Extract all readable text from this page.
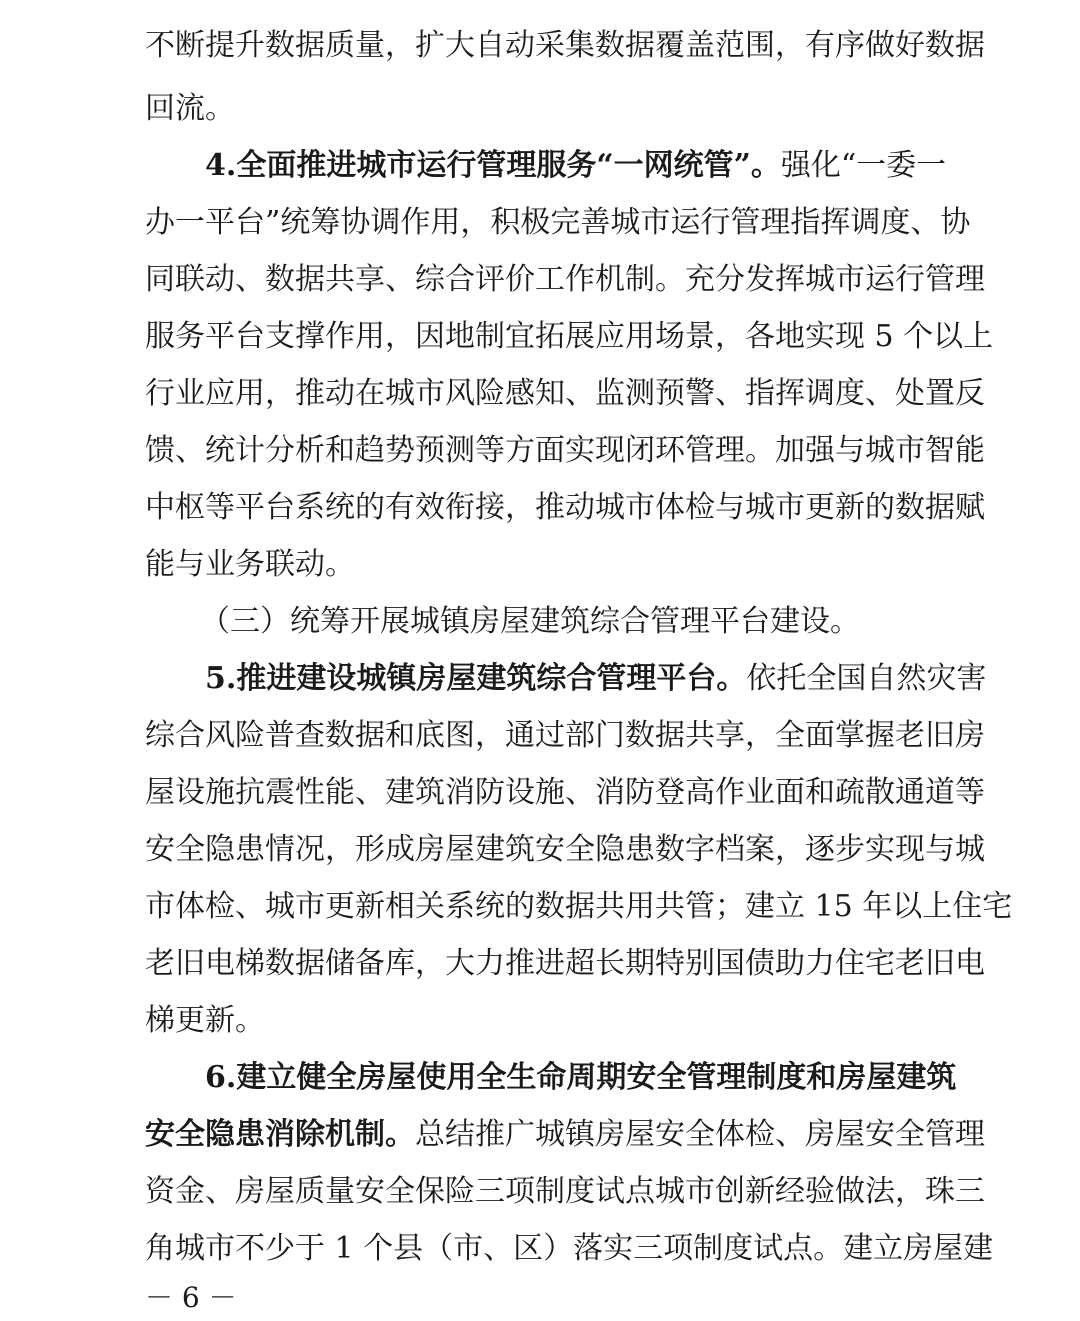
不断提升数据质量，扩大自动采集数据覆盖范围，有序做好数据
回流。
4.全面推进城市运行管理服务“一网统管”。强化“一委一
办一平台”统筹协调作用，积极完善城市运行管理指挥调度、协
同联动、数据共享、综合评价工作机制。充分发挥城市运行管理
服务平台支撑作用，因地制宜拓展应用场景，各地实现 5 个以上
行业应用，推动在城市风险感知、监测预警、指挥调度、处置反
馈、统计分析和趋势预测等方面实现闭环管理。加强与城市智能
中枢等平台系统的有效衔接，推动城市体检与城市更新的数据赋
能与业务联动。
（三）统筹开展城镇房屋建筑综合管理平台建设。
5.推进建设城镇房屋建筑综合管理平台。依托全国自然灾害
综合风险普查数据和底图，通过部门数据共享，全面掌握老旧房
屋设施抗震性能、建筑消防设施、消防登高作业面和疏散通道等
安全隐患情况，形成房屋建筑安全隐患数字档案，逐步实现与城
市体检、城市更新相关系统的数据共用共管；建立 15 年以上住宅
老旧电梯数据储备库，大力推进超长期特别国债助力住宅老旧电
梯更新。
6.建立健全房屋使用全生命周期安全管理制度和房屋建筑
安全隐患消除机制。总结推广城镇房屋安全体检、房屋安全管理
资金、房屋质量安全保险三项制度试点城市创新经验做法，珠三
角城市不少于 1 个县（市、区）落实三项制度试点。建立房屋建
－ 6 －
